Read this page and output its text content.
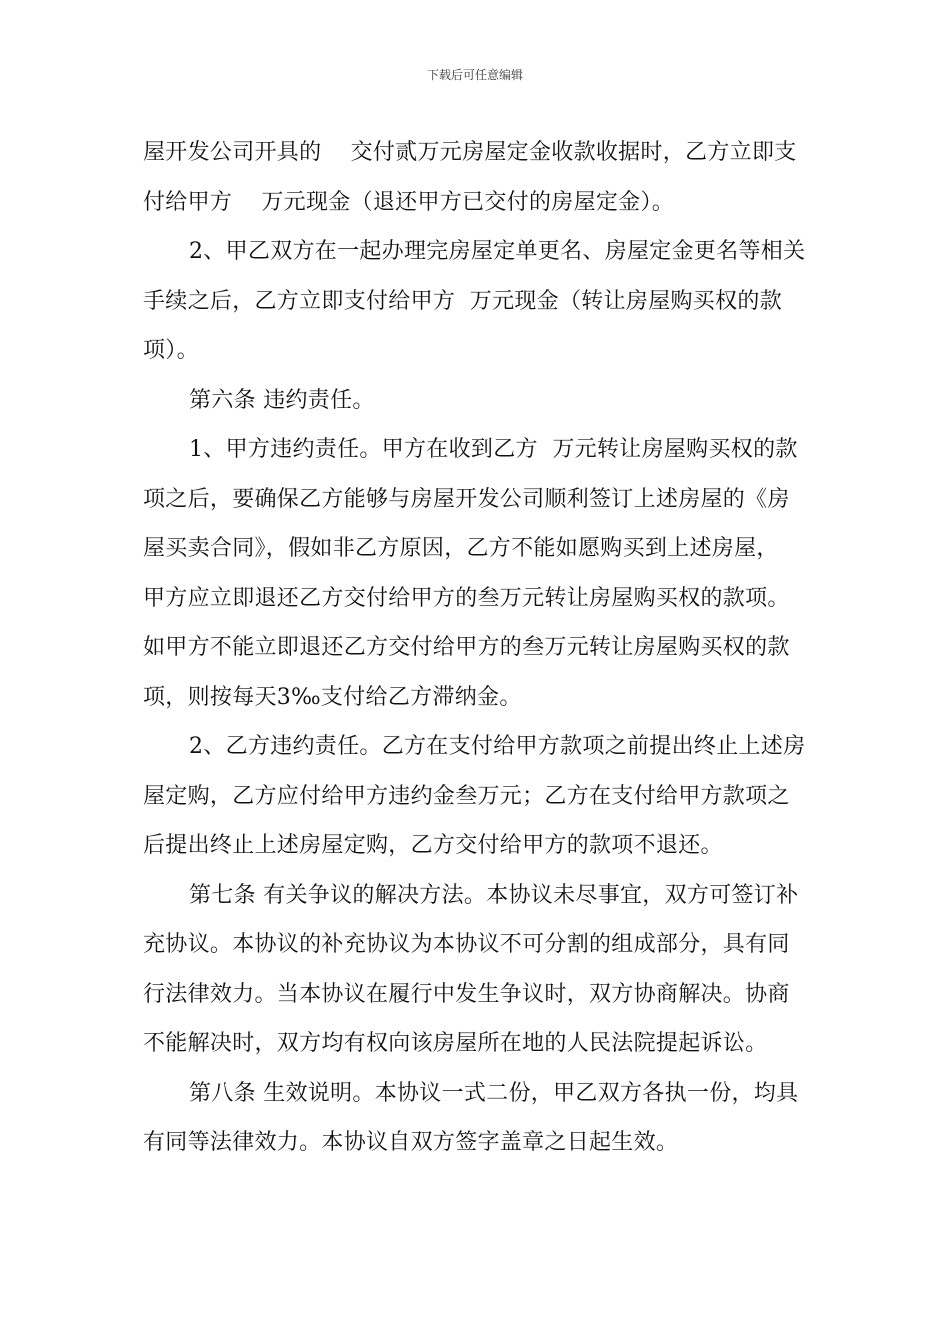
下载后可任意编辑
屋开发公司开具的    交付贰万元房屋定金收款收据时，乙方立即支
付给甲方    万元现金（退还甲方已交付的房屋定金）。
2、甲乙双方在一起办理完房屋定单更名、房屋定金更名等相关
手续之后，乙方立即支付给甲方  万元现金（转让房屋购买权的款
项）。
第六条 违约责任。
1、甲方违约责任。甲方在收到乙方  万元转让房屋购买权的款
项之后，要确保乙方能够与房屋开发公司顺利签订上述房屋的《房
屋买卖合同》，假如非乙方原因，乙方不能如愿购买到上述房屋，
甲方应立即退还乙方交付给甲方的叁万元转让房屋购买权的款项。
如甲方不能立即退还乙方交付给甲方的叁万元转让房屋购买权的款
项，则按每天3‰支付给乙方滞纳金。
2、乙方违约责任。乙方在支付给甲方款项之前提出终止上述房
屋定购，乙方应付给甲方违约金叁万元；乙方在支付给甲方款项之
后提出终止上述房屋定购，乙方交付给甲方的款项不退还。
第七条 有关争议的解决方法。本协议未尽事宜，双方可签订补
充协议。本协议的补充协议为本协议不可分割的组成部分，具有同
行法律效力。当本协议在履行中发生争议时，双方协商解决。协商
不能解决时，双方均有权向该房屋所在地的人民法院提起诉讼。
第八条 生效说明。本协议一式二份，甲乙双方各执一份，均具
有同等法律效力。本协议自双方签字盖章之日起生效。
